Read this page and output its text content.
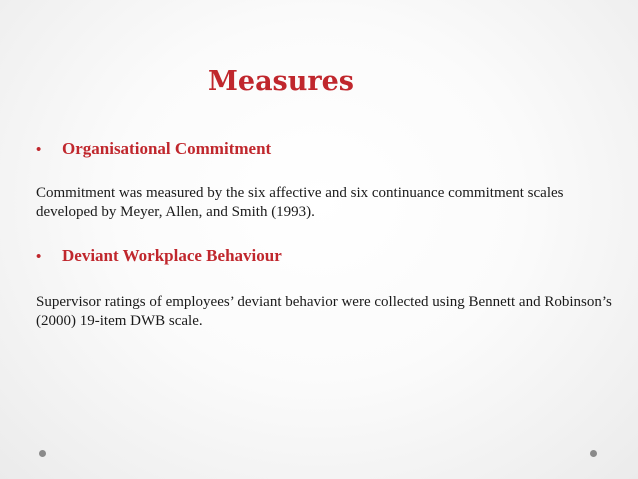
Measures
•	Organisational Commitment

Commitment was measured by the six affective and six continuance commitment scales developed by Meyer, Allen, and Smith (1993).

•	Deviant Workplace Behaviour

Supervisor ratings of employees’ deviant behavior were collected using Bennett and Robinson’s (2000) 19-item DWB scale.
